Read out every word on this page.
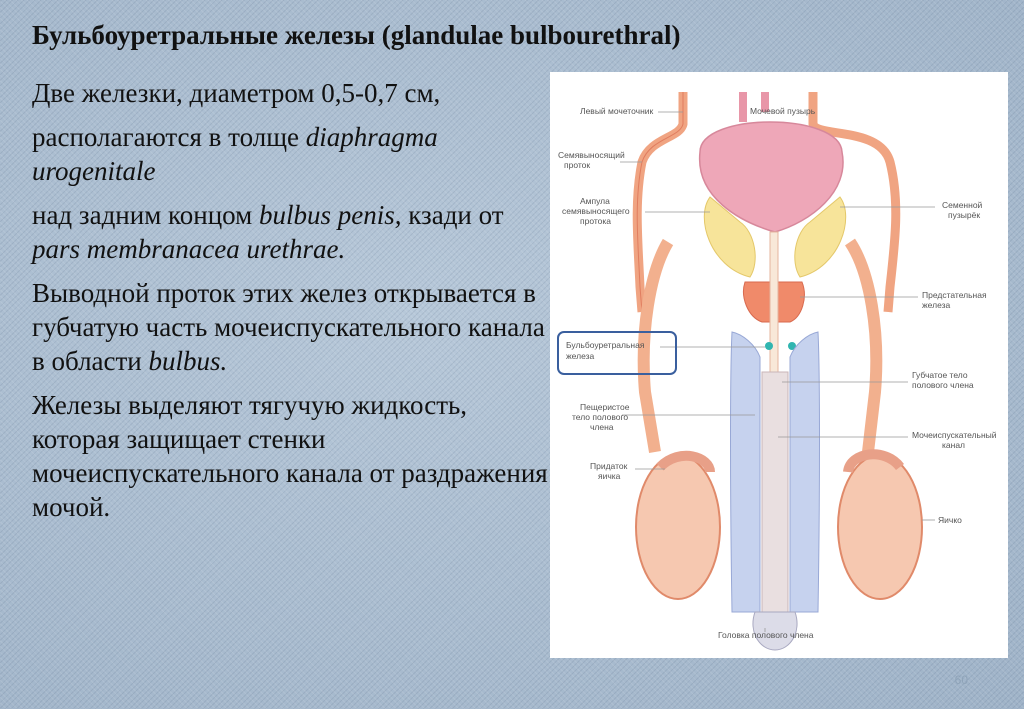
Бульбоуретральные железы (glandulae bulbourethral)

Две железки, диаметром 0,5-0,7 см,

располагаются в толще diaphragma urogenitale

над задним концом bulbus penis, кзади от pars membranacea urethrae.

Выводной проток этих желез открывается в губчатую часть мочеиспускательного канала в области bulbus.

Железы выделяют тягучую жидкость, которая защищает стенки мочеиспускательного канала от раздражения мочой.

Левый мочеточник	Мочевой пузырь
Семявыносящий
проток
Ампула
семявыносящего
протока
Семенной
пузырёк
Предстательная
железа
Бульбоуретральная
железа
Губчатое тело
полового члена
Пещеристое
тело полового
члена
Мочеиспускательный
канал
Придаток
яичка
Яичко
Головка полового члена
60
